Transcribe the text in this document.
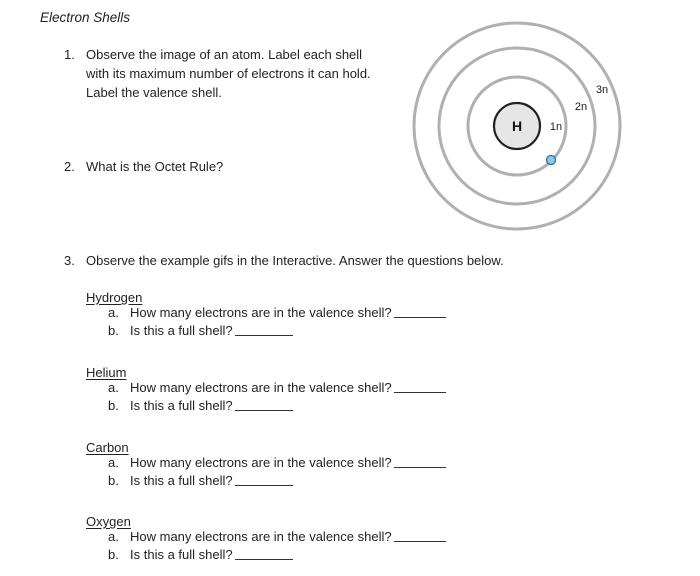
Electron Shells
1. Observe the image of an atom. Label each shell with its maximum number of electrons it can hold. Label the valence shell.
2. What is the Octet Rule?
3. Observe the example gifs in the Interactive. Answer the questions below.
H	1n
2n
3n
Hydrogen
a. How many electrons are in the valence shell?
b. Is this a full shell?
Helium
a. How many electrons are in the valence shell?
b. Is this a full shell?
Carbon
a. How many electrons are in the valence shell?
b. Is this a full shell?
Oxygen
a. How many electrons are in the valence shell?
b. Is this a full shell?
